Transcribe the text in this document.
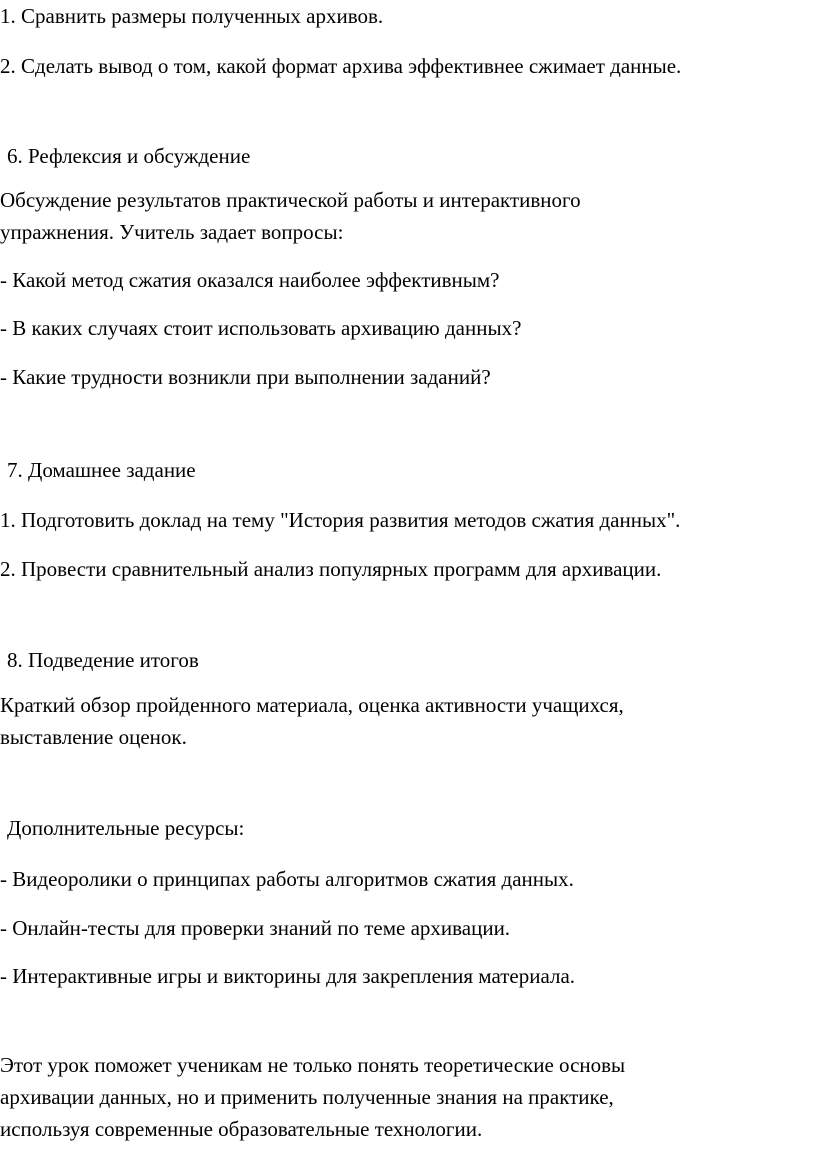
1. Сравнить размеры полученных архивов.
2. Сделать вывод о том, какой формат архива эффективнее сжимает данные.
6. Рефлексия и обсуждение
Обсуждение результатов практической работы и интерактивного
упражнения. Учитель задает вопросы:
- Какой метод сжатия оказался наиболее эффективным?
- В каких случаях стоит использовать архивацию данных?
- Какие трудности возникли при выполнении заданий?
7. Домашнее задание
1. Подготовить доклад на тему "История развития методов сжатия данных".
2. Провести сравнительный анализ популярных программ для архивации.
8. Подведение итогов
Краткий обзор пройденного материала, оценка активности учащихся,
выставление оценок.
Дополнительные ресурсы:
- Видеоролики о принципах работы алгоритмов сжатия данных.
- Онлайн-тесты для проверки знаний по теме архивации.
- Интерактивные игры и викторины для закрепления материала.
Этот урок поможет ученикам не только понять теоретические основы
архивации данных, но и применить полученные знания на практике,
используя современные образовательные технологии.
